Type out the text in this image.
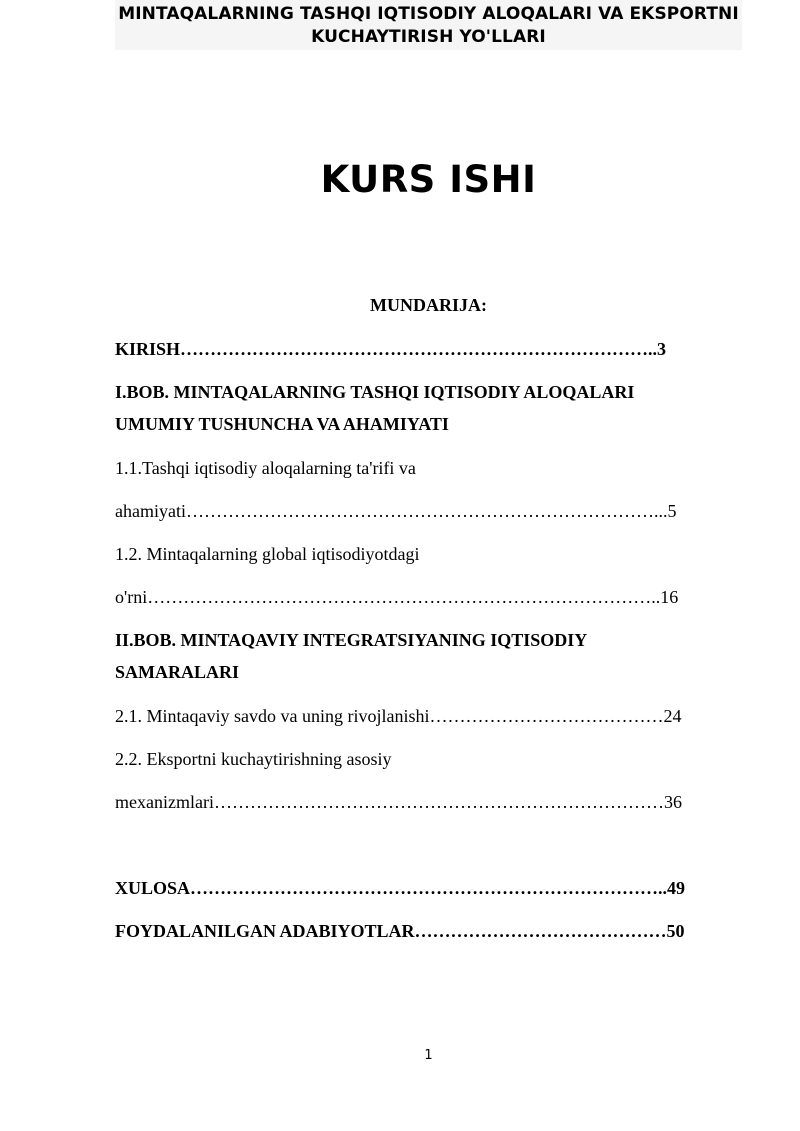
MINTAQALARNING TASHQI IQTISODIY ALOQALARI VA EKSPORTNI
KUCHAYTIRISH YO'LLARI
KURS ISHI
MUNDARIJA:
KIRISH……………………………………………………………………..3
I.BOB. MINTAQALARNING TASHQI IQTISODIY ALOQALARI
UMUMIY TUSHUNCHA VA AHAMIYATI
1.1.Tashqi iqtisodiy aloqalarning ta'rifi va
ahamiyati……………………………………………………………………...5
1.2. Mintaqalarning global iqtisodiyotdagi
o'rni…………………………………………………………………………..16
II.BOB. MINTAQAVIY INTEGRATSIYANING IQTISODIY
SAMARALARI
2.1. Mintaqaviy savdo va uning rivojlanishi…………………………………24
2.2. Eksportni kuchaytirishning asosiy
mexanizmlari…………………………………………………………………36
XULOSA……………………………………………………………………..49
FOYDALANILGAN ADABIYOTLAR……………………………………50
1
